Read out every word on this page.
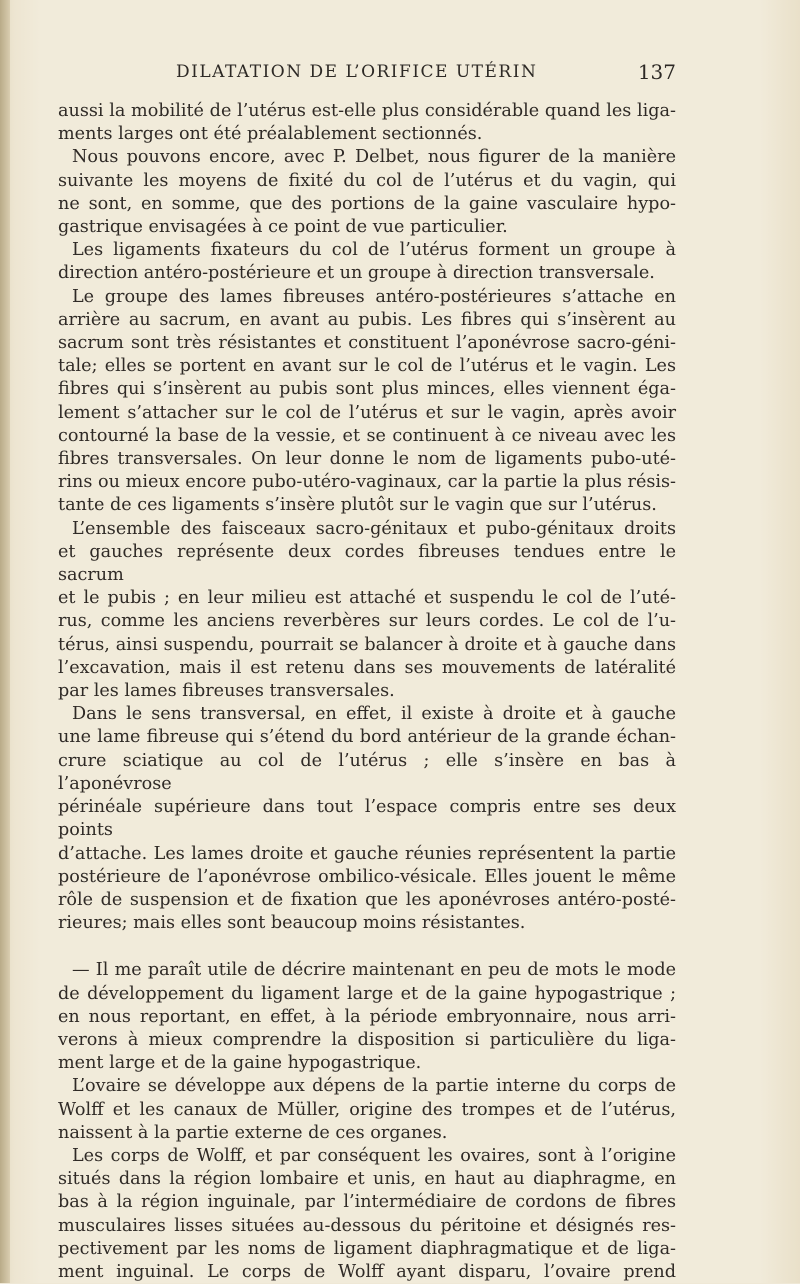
DILATATION DE L’ORIFICE UTÉRIN	137

aussi la mobilité de l’utérus est-elle plus considérable quand les liga-
ments larges ont été préalablement sectionnés.

Nous pouvons encore, avec P. Delbet, nous figurer de la manière
suivante les moyens de fixité du col de l’utérus et du vagin, qui
ne sont, en somme, que des portions de la gaine vasculaire hypo-
gastrique envisagées à ce point de vue particulier.

Les ligaments fixateurs du col de l’utérus forment un groupe à
direction antéro-postérieure et un groupe à direction transversale.

Le groupe des lames fibreuses antéro-postérieures s’attache en
arrière au sacrum, en avant au pubis. Les fibres qui s’insèrent au
sacrum sont très résistantes et constituent l’aponévrose sacro-géni-
tale; elles se portent en avant sur le col de l’utérus et le vagin. Les
fibres qui s’insèrent au pubis sont plus minces, elles viennent éga-
lement s’attacher sur le col de l’utérus et sur le vagin, après avoir
contourné la base de la vessie, et se continuent à ce niveau avec les
fibres transversales. On leur donne le nom de ligaments pubo-uté-
rins ou mieux encore pubo-utéro-vaginaux, car la partie la plus résis-
tante de ces ligaments s’insère plutôt sur le vagin que sur l’utérus.

L’ensemble des faisceaux sacro-génitaux et pubo-génitaux droits
et gauches représente deux cordes fibreuses tendues entre le sacrum
et le pubis ; en leur milieu est attaché et suspendu le col de l’uté-
rus, comme les anciens reverbères sur leurs cordes. Le col de l’u-
térus, ainsi suspendu, pourrait se balancer à droite et à gauche dans
l’excavation, mais il est retenu dans ses mouvements de latéralité
par les lames fibreuses transversales.

Dans le sens transversal, en effet, il existe à droite et à gauche
une lame fibreuse qui s’étend du bord antérieur de la grande échan-
crure sciatique au col de l’utérus ; elle s’insère en bas à l’aponévrose
périnéale supérieure dans tout l’espace compris entre ses deux points
d’attache. Les lames droite et gauche réunies représentent la partie
postérieure de l’aponévrose ombilico-vésicale. Elles jouent le même
rôle de suspension et de fixation que les aponévroses antéro-posté-
rieures; mais elles sont beaucoup moins résistantes.

— Il me paraît utile de décrire maintenant en peu de mots le mode
de développement du ligament large et de la gaine hypogastrique ;
en nous reportant, en effet, à la période embryonnaire, nous arri-
verons à mieux comprendre la disposition si particulière du liga-
ment large et de la gaine hypogastrique.

L’ovaire se développe aux dépens de la partie interne du corps de
Wolff et les canaux de Müller, origine des trompes et de l’utérus,
naissent à la partie externe de ces organes.

Les corps de Wolff, et par conséquent les ovaires, sont à l’origine
situés dans la région lombaire et unis, en haut au diaphragme, en
bas à la région inguinale, par l’intermédiaire de cordons de fibres
musculaires lisses situées au-dessous du péritoine et désignés res-
pectivement par les noms de ligament diaphragmatique et de liga-
ment inguinal. Le corps de Wolff ayant disparu, l’ovaire prend
